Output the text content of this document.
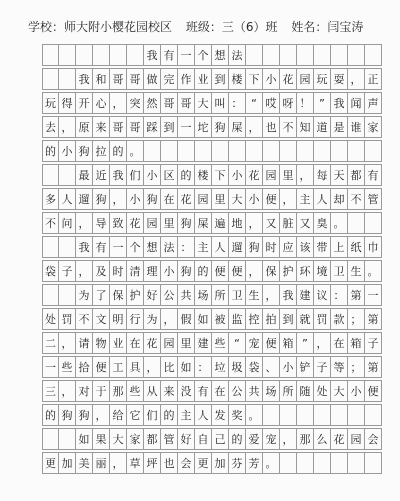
学校：师大附小樱花园校区 班级：三（6）班 姓名：闫宝涛
我 有 一 个 想 法
我 和 哥 哥 做 完 作 业 到 楼 下 小 花 园 玩 耍 ， 正
玩 得 开 心 ， 突 然 哥 哥 大 叫 ： “ 哎 呀 ！ ” 我 闻 声
去 ， 原 来 哥 哥 踩 到 一 坨 狗 屎 ， 也 不 知 道 是 谁 家
的 小 狗 拉 的 。
最 近 我 们 小 区 的 楼 下 小 花 园 里 ， 每 天 都 有
多 人 遛 狗 ， 小 狗 在 花 园 里 大 小 便 ， 主 人 却 不 管
不 问 ， 导 致 花 园 里 狗 屎 遍 地 ， 又 脏 又 臭 。
我 有 一 个 想 法 ： 主 人 遛 狗 时 应 该 带 上 纸 巾
袋 子 ， 及 时 清 理 小 狗 的 便 便 ， 保 护 环 境 卫 生 。
为 了 保 护 好 公 共 场 所 卫 生 ， 我 建 议 ： 第 一
处 罚 不 文 明 行 为 ， 假 如 被 监 控 拍 到 就 罚 款 ； 第
二 ， 请 物 业 在 花 园 里 建 些 “ 宠 便 箱 ” ， 在 箱 子
一 些 拾 便 工 具 ， 比 如 ： 垃 圾 袋 、 小 铲 子 等 ； 第
三 ， 对 于 那 些 从 来 没 有 在 公 共 场 所 随 处 大 小 便
的 狗 狗 ， 给 它 们 的 主 人 发 奖 。
如 果 大 家 都 管 好 自 己 的 爱 宠 ， 那 么 花 园 会
更 加 美 丽 ， 草 坪 也 会 更 加 芬 芳 。
